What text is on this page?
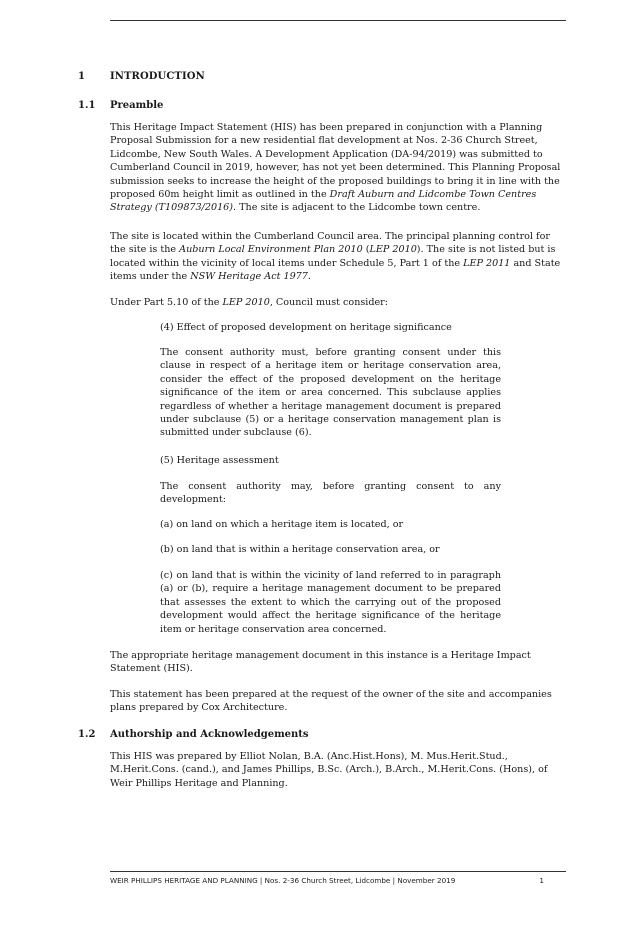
1 INTRODUCTION
1.1 Preamble

This Heritage Impact Statement (HIS) has been prepared in conjunction with a Planning Proposal Submission for a new residential flat development at Nos. 2-36 Church Street, Lidcombe, New South Wales. A Development Application (DA-94/2019) was submitted to Cumberland Council in 2019, however, has not yet been determined. This Planning Proposal submission seeks to increase the height of the proposed buildings to bring it in line with the proposed 60m height limit as outlined in the Draft Auburn and Lidcombe Town Centres Strategy (T109873/2016). The site is adjacent to the Lidcombe town centre.

The site is located within the Cumberland Council area. The principal planning control for the site is the Auburn Local Environment Plan 2010 (LEP 2010). The site is not listed but is located within the vicinity of local items under Schedule 5, Part 1 of the LEP 2011 and State items under the NSW Heritage Act 1977.

Under Part 5.10 of the LEP 2010, Council must consider:

(4) Effect of proposed development on heritage significance

The consent authority must, before granting consent under this clause in respect of a heritage item or heritage conservation area, consider the effect of the proposed development on the heritage significance of the item or area concerned. This subclause applies regardless of whether a heritage management document is prepared under subclause (5) or a heritage conservation management plan is submitted under subclause (6).

(5) Heritage assessment

The consent authority may, before granting consent to any development:

(a) on land on which a heritage item is located, or

(b) on land that is within a heritage conservation area, or

(c) on land that is within the vicinity of land referred to in paragraph (a) or (b), require a heritage management document to be prepared that assesses the extent to which the carrying out of the proposed development would affect the heritage significance of the heritage item or heritage conservation area concerned.

The appropriate heritage management document in this instance is a Heritage Impact Statement (HIS).

This statement has been prepared at the request of the owner of the site and accompanies plans prepared by Cox Architecture.

1.2 Authorship and Acknowledgements

This HIS was prepared by Elliot Nolan, B.A. (Anc.Hist.Hons), M. Mus.Herit.Stud., M.Herit.Cons. (cand.), and James Phillips, B.Sc. (Arch.), B.Arch., M.Herit.Cons. (Hons), of Weir Phillips Heritage and Planning.

WEIR PHILLIPS HERITAGE AND PLANNING | Nos. 2-36 Church Street, Lidcombe | November 2019	1
